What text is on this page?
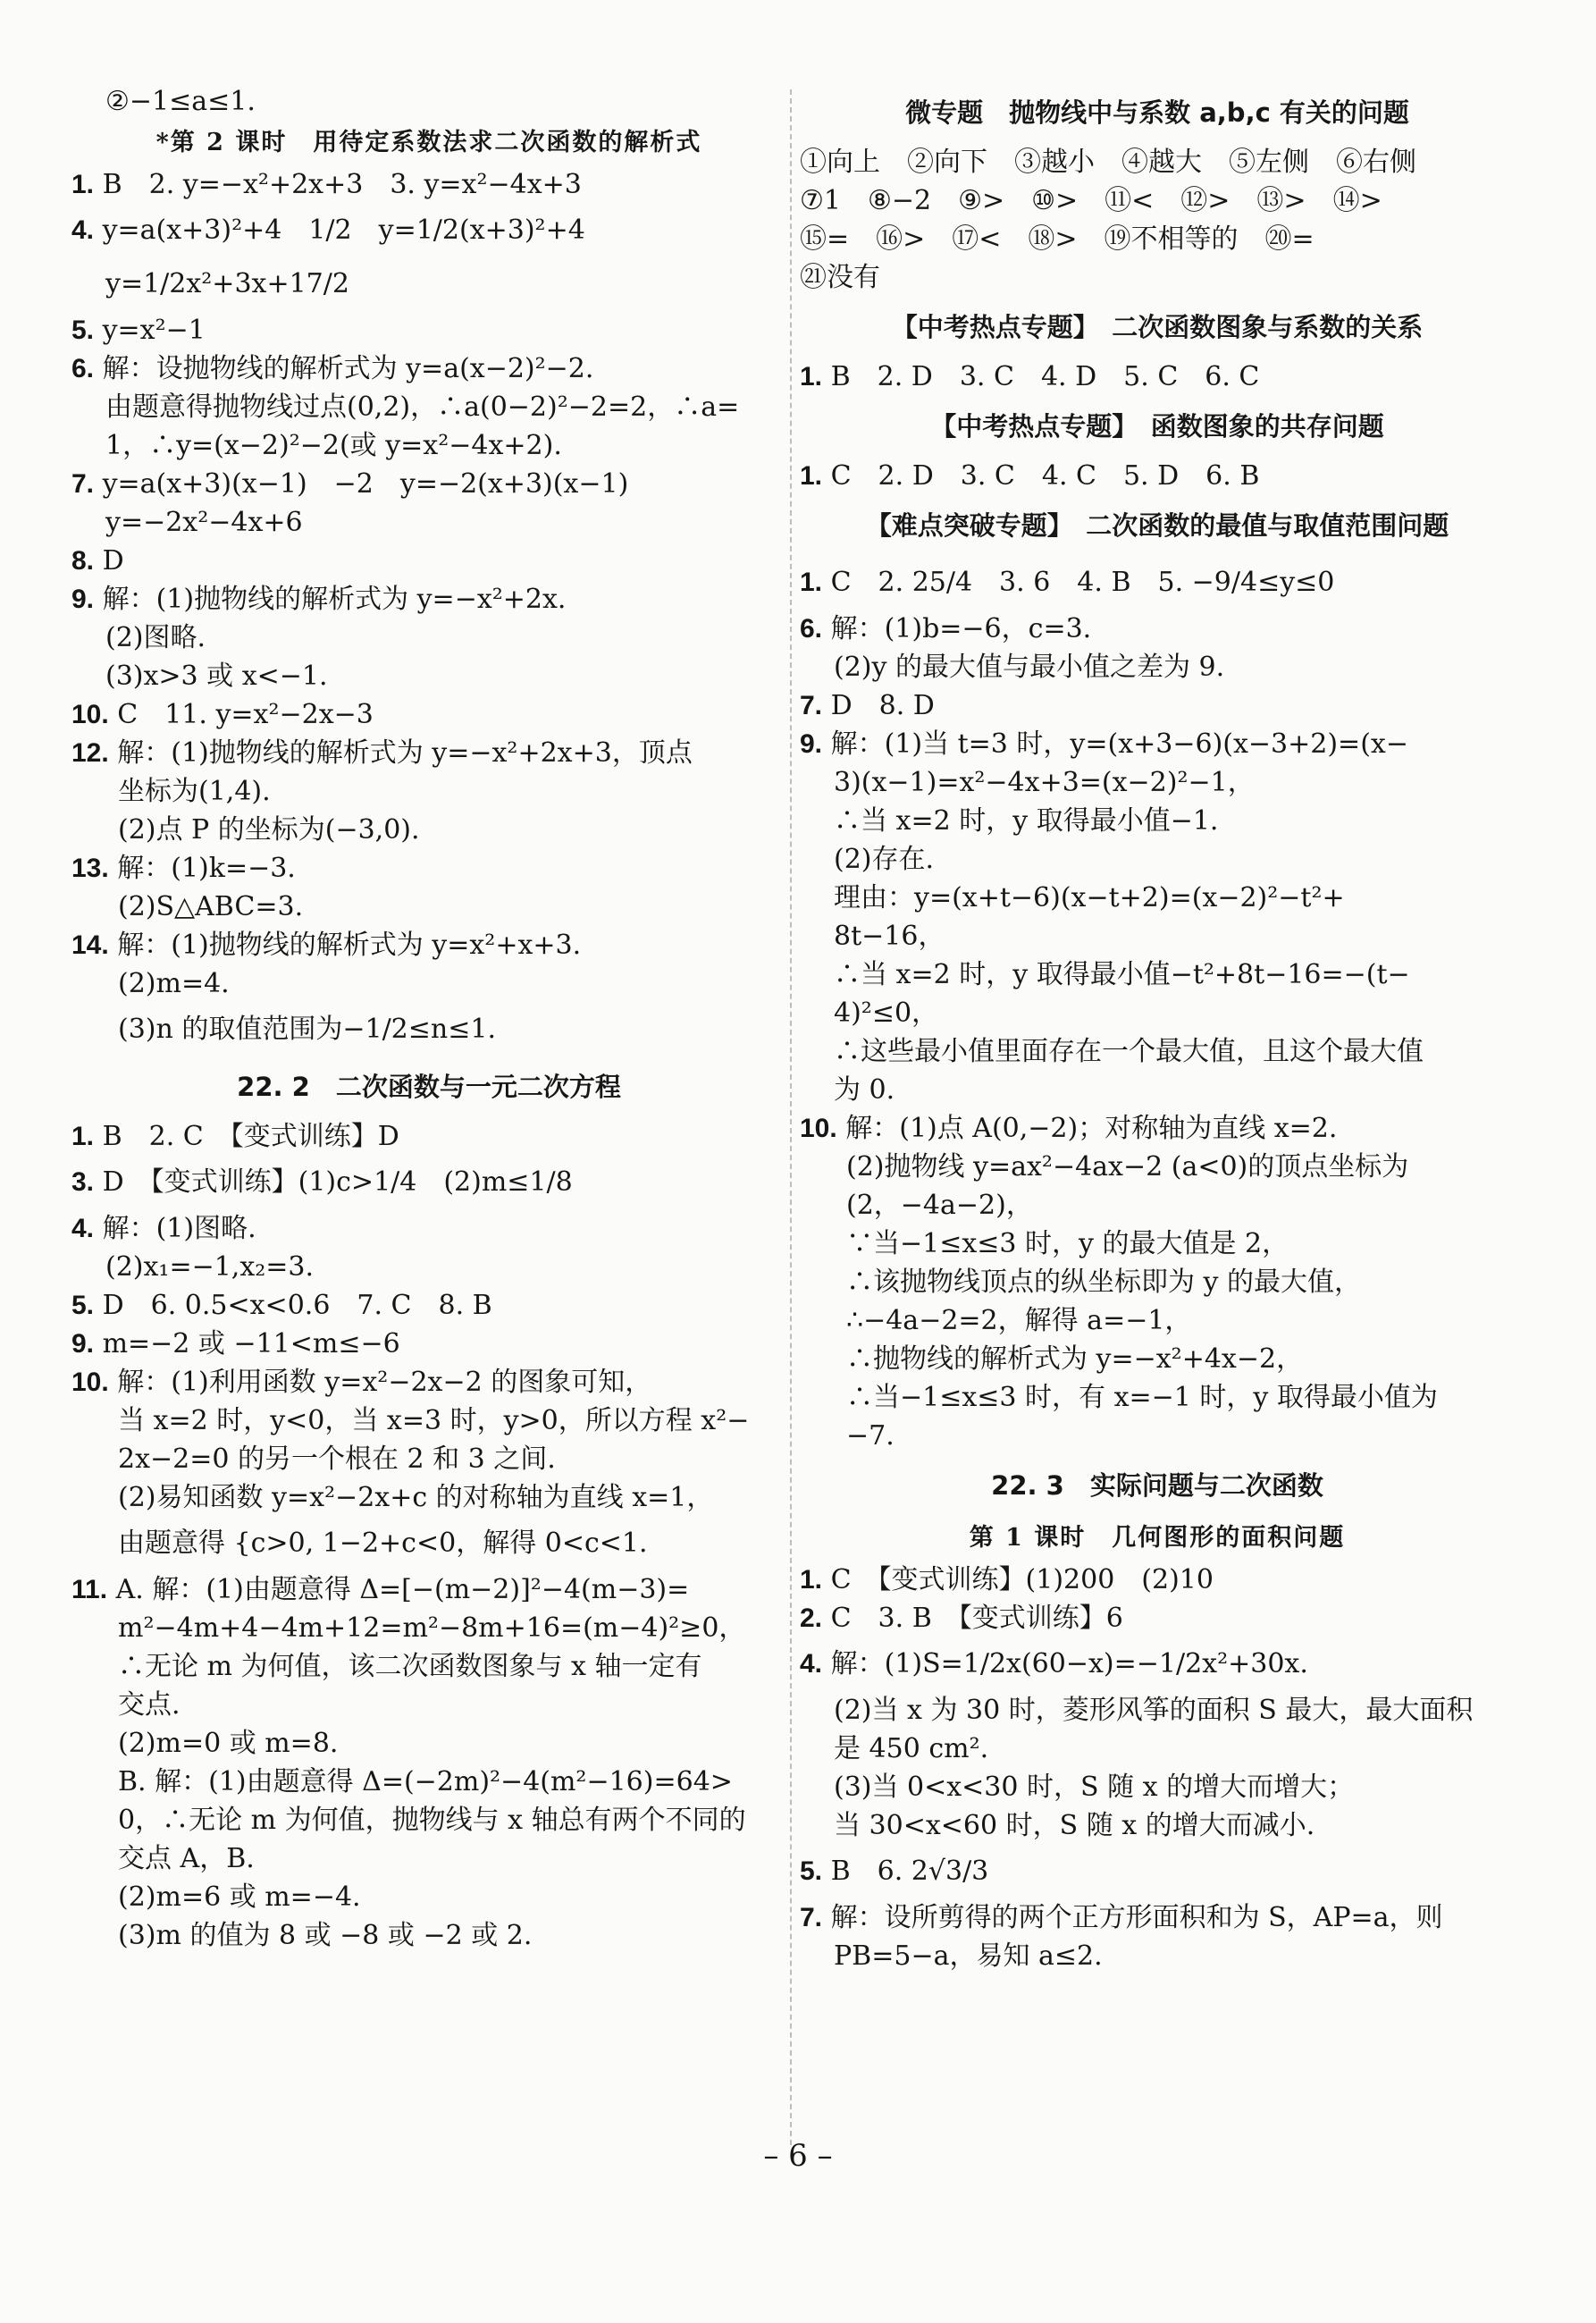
②−1≤a≤1.
*第 2 课时　用待定系数法求二次函数的解析式
1. B　2. y=−x²+2x+3　3. y=x²−4x+3
4. y=a(x+3)²+4　1/2　y=1/2(x+3)²+4
y=1/2x²+3x+17/2
5. y=x²−1
6. 解：设抛物线的解析式为 y=a(x−2)²−2.
由题意得抛物线过点(0,2)，∴a(0−2)²−2=2，∴a=
1，∴y=(x−2)²−2(或 y=x²−4x+2).
7. y=a(x+3)(x−1)　−2　y=−2(x+3)(x−1)
y=−2x²−4x+6
8. D
9. 解：(1)抛物线的解析式为 y=−x²+2x.
(2)图略.
(3)x>3 或 x<−1.
10. C　11. y=x²−2x−3
12. 解：(1)抛物线的解析式为 y=−x²+2x+3，顶点
坐标为(1,4).
(2)点 P 的坐标为(−3,0).
13. 解：(1)k=−3.
(2)S△ABC=3.
14. 解：(1)抛物线的解析式为 y=x²+x+3.
(2)m=4.
(3)n 的取值范围为−1/2≤n≤1.
22. 2　二次函数与一元二次方程
1. B　2. C　【变式训练】D
3. D　【变式训练】(1)c>1/4　(2)m≤1/8
4. 解：(1)图略.
(2)x₁=−1,x₂=3.
5. D　6. 0.5<x<0.6　7. C　8. B
9. m=−2 或 −11<m≤−6
10. 解：(1)利用函数 y=x²−2x−2 的图象可知，
当 x=2 时，y<0，当 x=3 时，y>0，所以方程 x²−
2x−2=0 的另一个根在 2 和 3 之间.
(2)易知函数 y=x²−2x+c 的对称轴为直线 x=1，
由题意得 {c>0, 1−2+c<0，解得 0<c<1.
11. A. 解：(1)由题意得 Δ=[−(m−2)]²−4(m−3)=
m²−4m+4−4m+12=m²−8m+16=(m−4)²≥0，
∴无论 m 为何值，该二次函数图象与 x 轴一定有
交点.
(2)m=0 或 m=8.
B. 解：(1)由题意得 Δ=(−2m)²−4(m²−16)=64>
0，∴无论 m 为何值，抛物线与 x 轴总有两个不同的
交点 A，B.
(2)m=6 或 m=−4.
(3)m 的值为 8 或 −8 或 −2 或 2.
微专题　抛物线中与系数 a,b,c 有关的问题
①向上　②向下　③越小　④越大　⑤左侧　⑥右侧
⑦1　⑧−2　⑨>　⑩>　⑪<　⑫>　⑬>　⑭>
⑮=　⑯>　⑰<　⑱>　⑲不相等的　⑳=
㉑没有
【中考热点专题】　二次函数图象与系数的关系
1. B　2. D　3. C　4. D　5. C　6. C
【中考热点专题】　函数图象的共存问题
1. C　2. D　3. C　4. C　5. D　6. B
【难点突破专题】　二次函数的最值与取值范围问题
1. C　2. 25/4　3. 6　4. B　5. −9/4≤y≤0
6. 解：(1)b=−6，c=3.
(2)y 的最大值与最小值之差为 9.
7. D　8. D
9. 解：(1)当 t=3 时，y=(x+3−6)(x−3+2)=(x−
3)(x−1)=x²−4x+3=(x−2)²−1，
∴当 x=2 时，y 取得最小值−1.
(2)存在.
理由：y=(x+t−6)(x−t+2)=(x−2)²−t²+
8t−16，
∴当 x=2 时，y 取得最小值−t²+8t−16=−(t−
4)²≤0，
∴这些最小值里面存在一个最大值，且这个最大值
为 0.
10. 解：(1)点 A(0,−2)；对称轴为直线 x=2.
(2)抛物线 y=ax²−4ax−2 (a<0)的顶点坐标为
(2，−4a−2)，
∵当−1≤x≤3 时，y 的最大值是 2，
∴该抛物线顶点的纵坐标即为 y 的最大值，
∴−4a−2=2，解得 a=−1，
∴抛物线的解析式为 y=−x²+4x−2，
∴当−1≤x≤3 时，有 x=−1 时，y 取得最小值为
−7.
22. 3　实际问题与二次函数
第 1 课时　几何图形的面积问题
1. C　【变式训练】(1)200　(2)10
2. C　3. B　【变式训练】6
4. 解：(1)S=1/2x(60−x)=−1/2x²+30x.
(2)当 x 为 30 时，菱形风筝的面积 S 最大，最大面积
是 450 cm².
(3)当 0<x<30 时，S 随 x 的增大而增大；
当 30<x<60 时，S 随 x 的增大而减小.
5. B　6. 2√3/3
7. 解：设所剪得的两个正方形面积和为 S，AP=a，则
PB=5−a，易知 a≤2.
– 6 –
